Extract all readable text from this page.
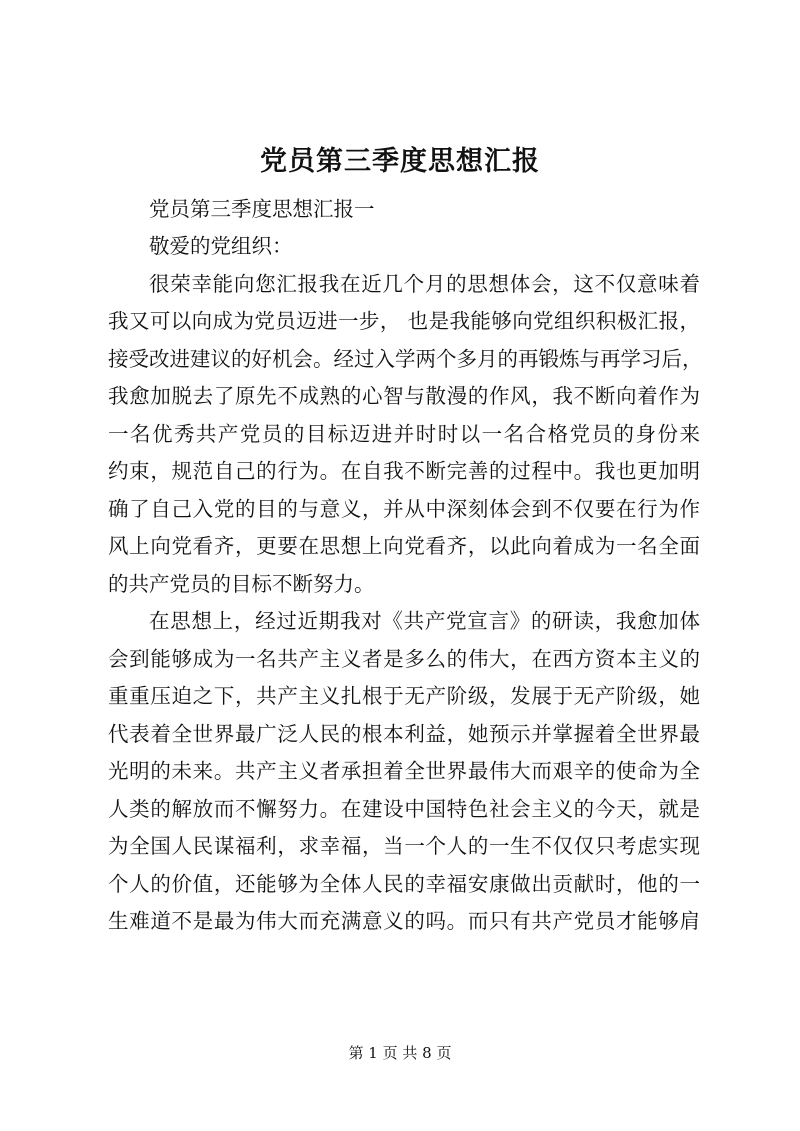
党员第三季度思想汇报

党员第三季度思想汇报一

敬爱的党组织：

很荣幸能向您汇报我在近几个月的思想体会，这不仅意味着

我又可以向成为党员迈进一步， 也是我能够向党组织积极汇报，

接受改进建议的好机会。经过入学两个多月的再锻炼与再学习后，

我愈加脱去了原先不成熟的心智与散漫的作风，我不断向着作为

一名优秀共产党员的目标迈进并时时以一名合格党员的身份来

约束，规范自己的行为。在自我不断完善的过程中。我也更加明

确了自己入党的目的与意义，并从中深刻体会到不仅要在行为作

风上向党看齐，更要在思想上向党看齐，以此向着成为一名全面

的共产党员的目标不断努力。

在思想上，经过近期我对《共产党宣言》的研读，我愈加体

会到能够成为一名共产主义者是多么的伟大，在西方资本主义的

重重压迫之下，共产主义扎根于无产阶级，发展于无产阶级，她

代表着全世界最广泛人民的根本利益，她预示并掌握着全世界最

光明的未来。共产主义者承担着全世界最伟大而艰辛的使命为全

人类的解放而不懈努力。在建设中国特色社会主义的今天，就是

为全国人民谋福利，求幸福，当一个人的一生不仅仅只考虑实现

个人的价值，还能够为全体人民的幸福安康做出贡献时，他的一

生难道不是最为伟大而充满意义的吗。而只有共产党员才能够肩

第 1 页 共 8 页
